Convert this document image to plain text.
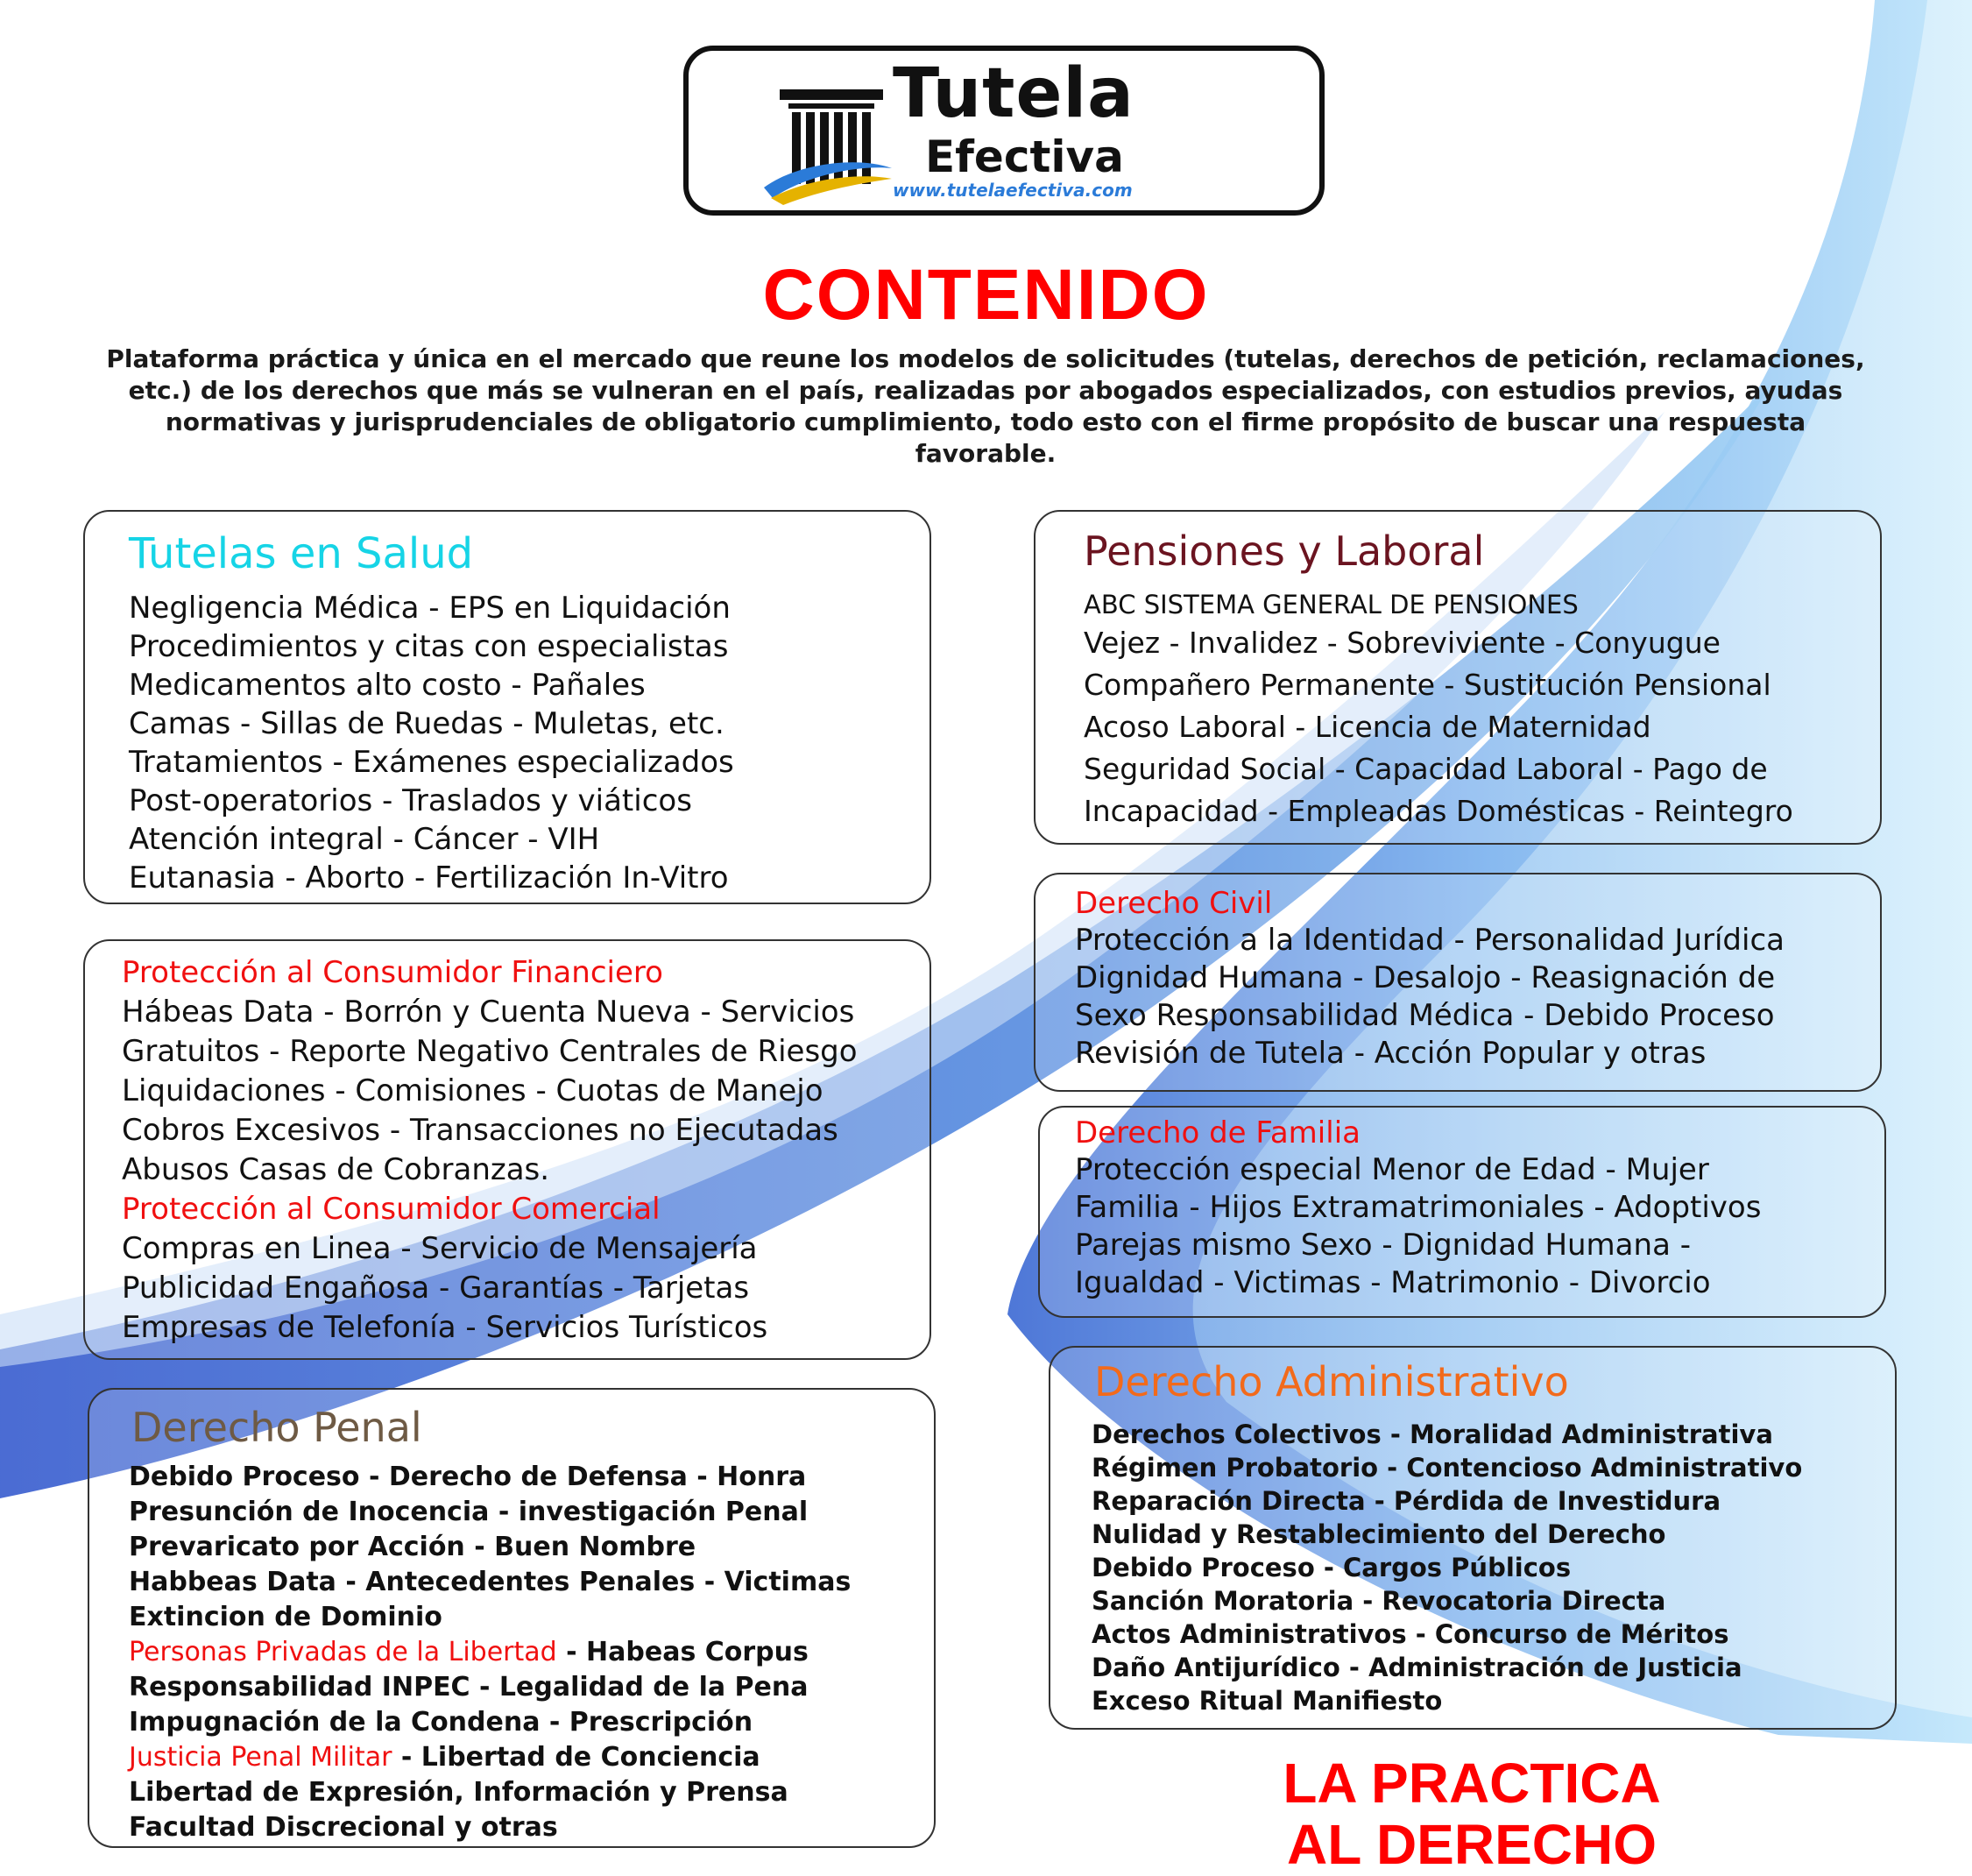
Tutela
Efectiva
www.tutelaefectiva.com
CONTENIDO
Plataforma práctica y única en el mercado que reune los modelos de solicitudes (tutelas, derechos de petición, reclamaciones, etc.) de los derechos que más se vulneran en el país, realizadas por abogados especializados, con estudios previos, ayudas normativas y jurisprudenciales de obligatorio cumplimiento, todo esto con el firme propósito de buscar una respuesta favorable.
Tutelas en Salud
Negligencia Médica - EPS en Liquidación
Procedimientos y citas con especialistas
Medicamentos alto costo - Pañales
Camas - Sillas de Ruedas - Muletas, etc.
Tratamientos - Exámenes especializados
Post-operatorios - Traslados y viáticos
Atención integral - Cáncer - VIH
Eutanasia - Aborto - Fertilización In-Vitro
Protección al Consumidor Financiero
Hábeas Data - Borrón y Cuenta Nueva - Servicios
Gratuitos - Reporte Negativo Centrales de Riesgo
Liquidaciones - Comisiones - Cuotas de Manejo
Cobros Excesivos - Transacciones no Ejecutadas
Abusos Casas de Cobranzas.
Protección al Consumidor Comercial
Compras en Linea - Servicio de Mensajería
Publicidad Engañosa - Garantías - Tarjetas
Empresas de Telefonía - Servicios Turísticos
Derecho Penal
Debido Proceso - Derecho de Defensa - Honra
Presunción de Inocencia - investigación Penal
Prevaricato por Acción - Buen Nombre
Habbeas Data - Antecedentes Penales - Victimas
Extincion de Dominio
Personas Privadas de la Libertad - Habeas Corpus
Responsabilidad INPEC - Legalidad de la Pena
Impugnación de la Condena - Prescripción
Justicia Penal Militar - Libertad de Conciencia
Libertad de Expresión, Información y Prensa
Facultad Discrecional y otras
Pensiones y Laboral
ABC SISTEMA GENERAL DE PENSIONES
Vejez - Invalidez - Sobreviviente - Conyugue
Compañero Permanente - Sustitución Pensional
Acoso Laboral - Licencia de Maternidad
Seguridad Social - Capacidad Laboral - Pago de
Incapacidad - Empleadas Domésticas - Reintegro
Derecho Civil
Protección a la Identidad - Personalidad Jurídica
Dignidad Humana - Desalojo - Reasignación de
Sexo Responsabilidad Médica - Debido Proceso
Revisión de Tutela - Acción Popular y otras
Derecho de Familia
Protección especial Menor de Edad - Mujer
Familia - Hijos Extramatrimoniales - Adoptivos
Parejas mismo Sexo - Dignidad Humana -
Igualdad - Victimas - Matrimonio - Divorcio
Derecho Administrativo
Derechos Colectivos - Moralidad Administrativa
Régimen Probatorio - Contencioso Administrativo
Reparación Directa - Pérdida de Investidura
Nulidad y Restablecimiento del Derecho
Debido Proceso - Cargos Públicos
Sanción Moratoria - Revocatoria Directa
Actos Administrativos - Concurso de Méritos
Daño Antijurídico - Administración de Justicia
Exceso Ritual Manifiesto
LA PRACTICA
AL DERECHO
